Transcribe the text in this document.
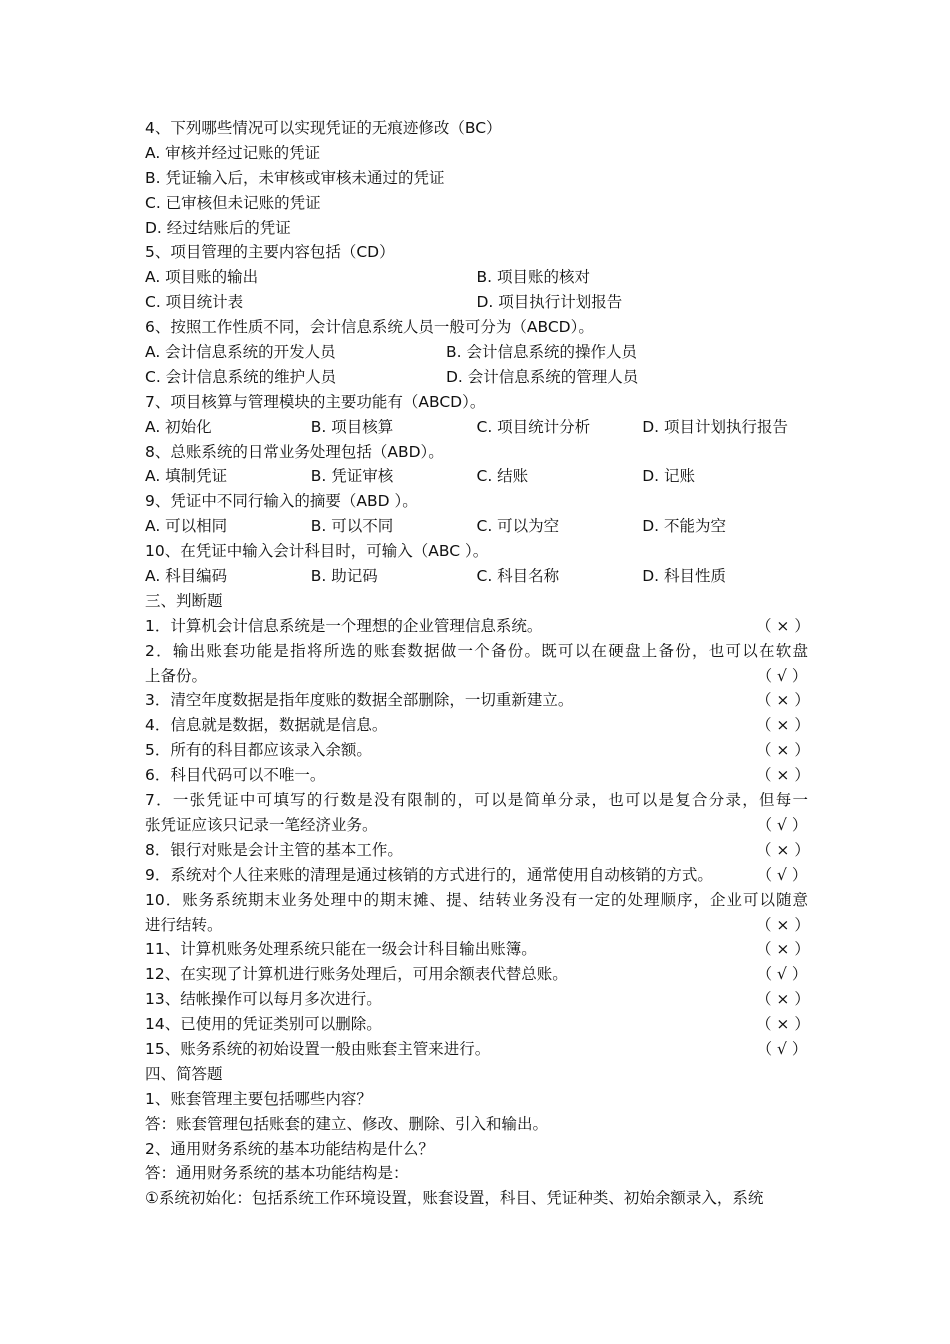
4、下列哪些情况可以实现凭证的无痕迹修改（BC）
A. 审核并经过记账的凭证
B. 凭证输入后，未审核或审核未通过的凭证
C. 已审核但未记账的凭证
D. 经过结账后的凭证
5、项目管理的主要内容包括（CD）
A. 项目账的输出	B. 项目账的核对
C. 项目统计表	D. 项目执行计划报告
6、按照工作性质不同，会计信息系统人员一般可分为（ABCD）。
A. 会计信息系统的开发人员	B. 会计信息系统的操作人员
C. 会计信息系统的维护人员	D. 会计信息系统的管理人员
7、项目核算与管理模块的主要功能有（ABCD）。
A. 初始化	B. 项目核算	C. 项目统计分析	D. 项目计划执行报告
8、总账系统的日常业务处理包括（ABD）。
A. 填制凭证	B. 凭证审核	C. 结账	D. 记账
9、凭证中不同行输入的摘要（ABD ）。
A. 可以相同	B. 可以不同	C. 可以为空	D. 不能为空
10、在凭证中输入会计科目时，可输入（ABC ）。
A. 科目编码	B. 助记码	C. 科目名称	D. 科目性质
三、判断题
1．计算机会计信息系统是一个理想的企业管理信息系统。	（ × ）
2．输出账套功能是指将所选的账套数据做一个备份。既可以在硬盘上备份，也可以在软盘
上备份。	（ √ ）
3．清空年度数据是指年度账的数据全部删除，一切重新建立。	（ × ）
4．信息就是数据，数据就是信息。	（ × ）
5．所有的科目都应该录入余额。	（ × ）
6．科目代码可以不唯一。	（ × ）
7．一张凭证中可填写的行数是没有限制的，可以是简单分录，也可以是复合分录，但每一
张凭证应该只记录一笔经济业务。	（ √ ）
8．银行对账是会计主管的基本工作。	（ × ）
9．系统对个人往来账的清理是通过核销的方式进行的，通常使用自动核销的方式。	（ √ ）
10．账务系统期末业务处理中的期末摊、提、结转业务没有一定的处理顺序，企业可以随意
进行结转。	（ × ）
11、计算机账务处理系统只能在一级会计科目输出账簿。	（ × ）
12、在实现了计算机进行账务处理后，可用余额表代替总账。	（ √ ）
13、结帐操作可以每月多次进行。	（ × ）
14、已使用的凭证类别可以删除。	（ × ）
15、账务系统的初始设置一般由账套主管来进行。	（ √ ）
四、简答题
1、账套管理主要包括哪些内容？
答：账套管理包括账套的建立、修改、删除、引入和输出。
2、通用财务系统的基本功能结构是什么？
答：通用财务系统的基本功能结构是：
①系统初始化：包括系统工作环境设置，账套设置，科目、凭证种类、初始余额录入，系统
